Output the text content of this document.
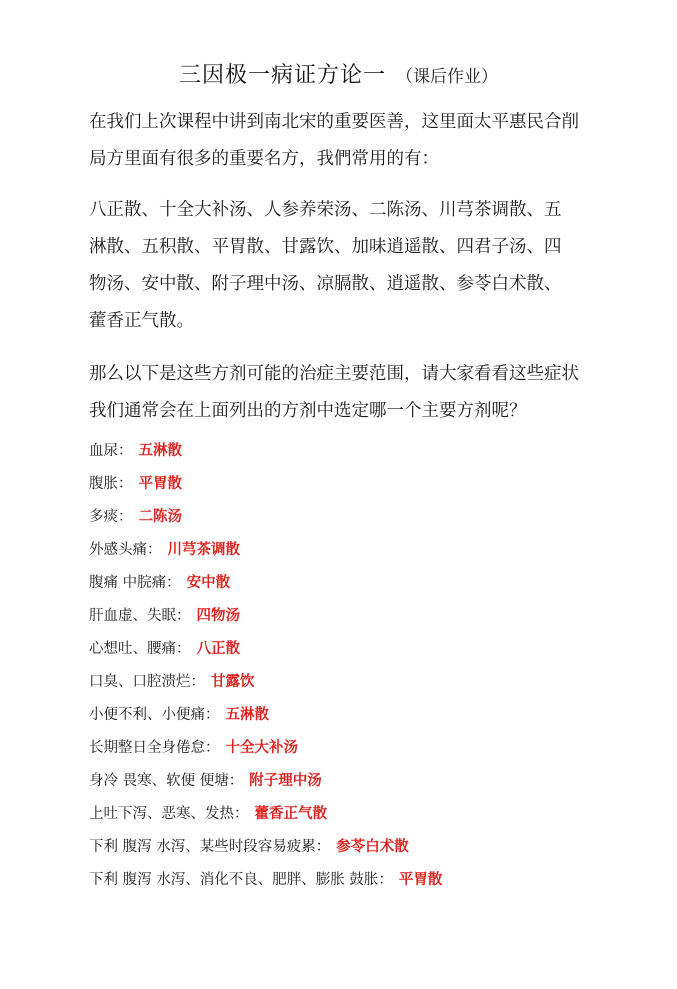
三因极一病证方论一 （课后作业）
在我们上次课程中讲到南北宋的重要医善，这里面太平惠民合削
局方里面有很多的重要名方，我們常用的有：
八正散、十全大补汤、人参养荣汤、二陈汤、川芎茶调散、五
淋散、五积散、平胃散、甘露饮、加味逍遥散、四君子汤、四
物汤、安中散、附子理中汤、凉膈散、逍遥散、参苓白术散、
藿香正气散。
那么以下是这些方剂可能的治症主要范围，请大家看看这些症状
我们通常会在上面列出的方剂中选定哪一个主要方剂呢？
血尿： 五淋散
腹胀： 平胃散
多痰： 二陈汤
外感头痛： 川芎茶调散
腹痛 中脘痛： 安中散
肝血虚、失眠： 四物汤
心想吐、腰痛： 八正散
口臭、口腔溃烂： 甘露饮
小便不利、小便痛： 五淋散
长期整日全身倦怠： 十全大补汤
身冷 畏寒、软便 便塘： 附子理中汤
上吐下泻、恶寒、发热： 藿香正气散
下利 腹泻 水泻、某些时段容易疲累： 参苓白术散
下利 腹泻 水泻、消化不良、肥胖、膨胀 鼓胀： 平胃散
